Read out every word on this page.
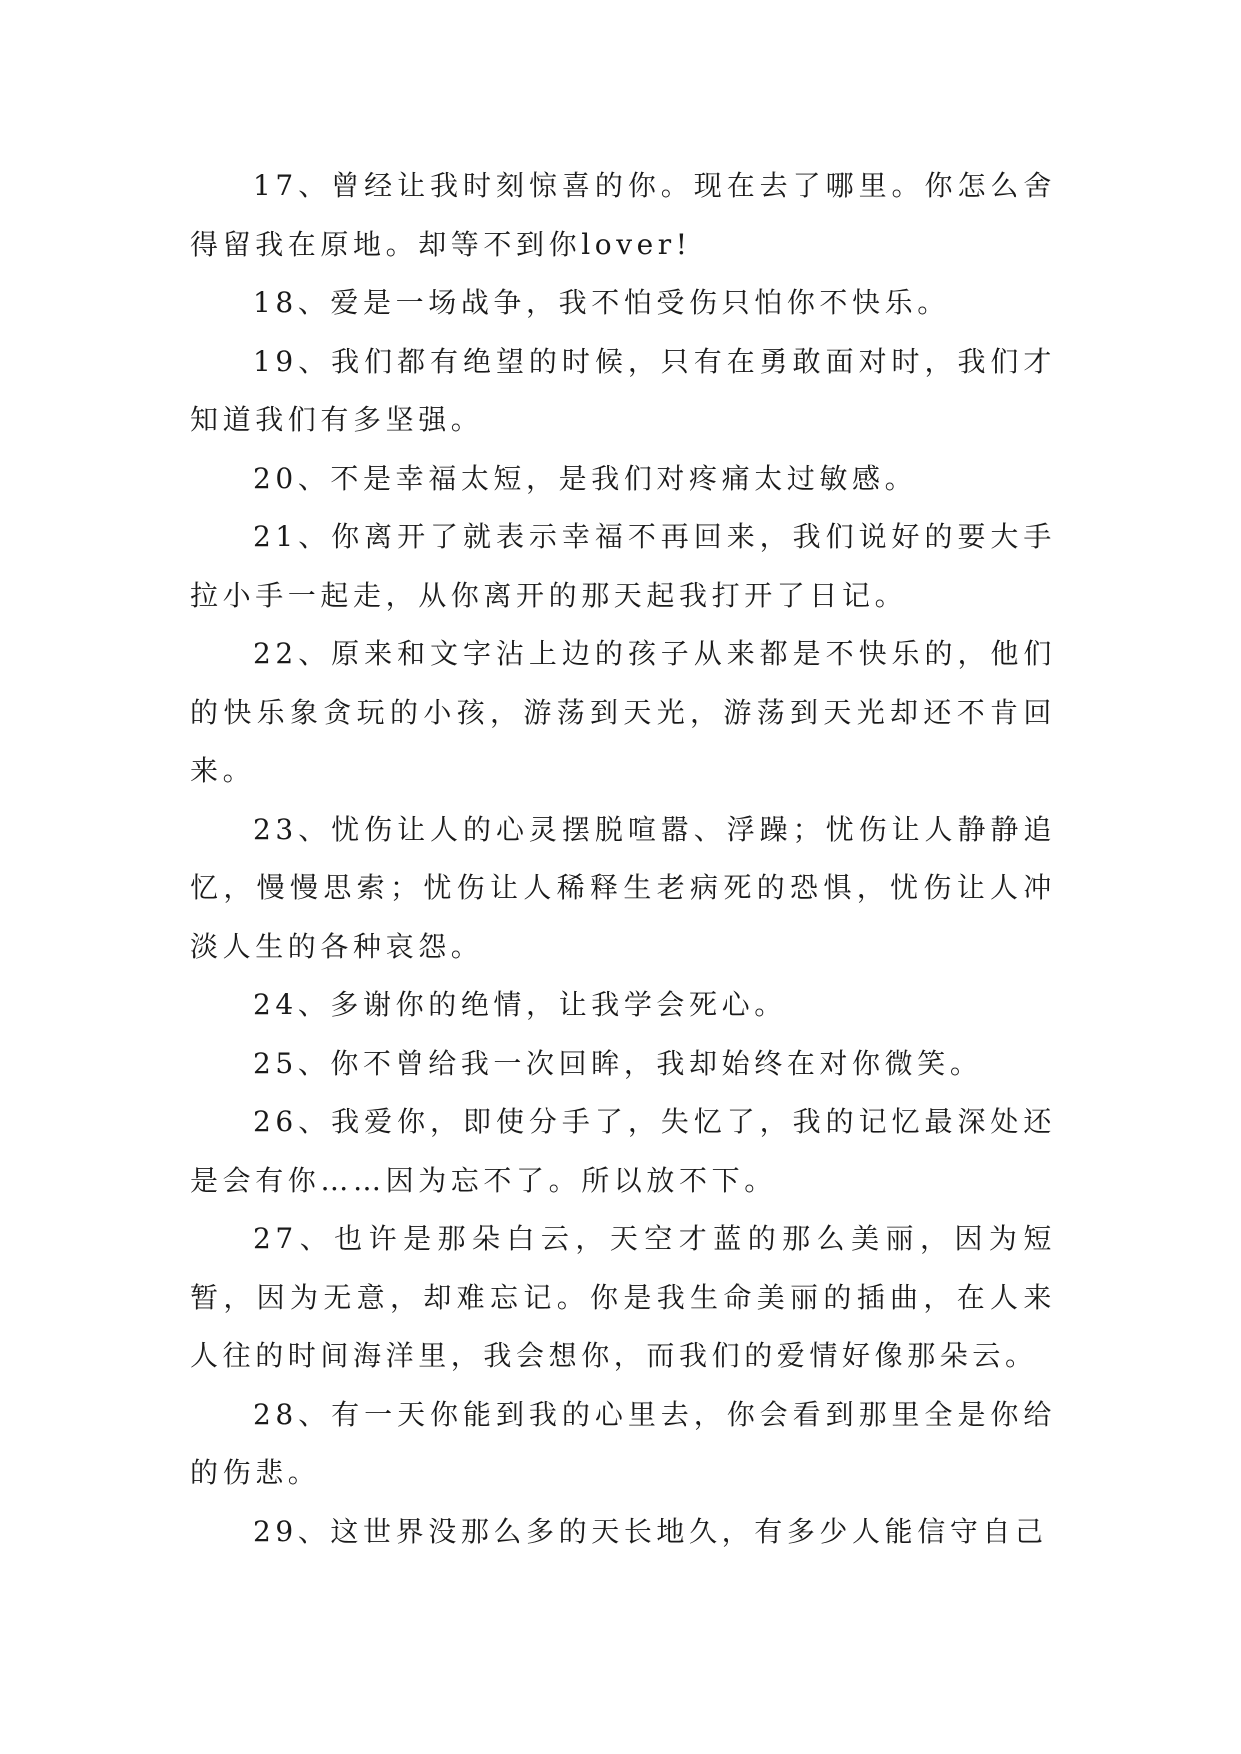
17、曾经让我时刻惊喜的你。现在去了哪里。你怎么舍得留我在原地。却等不到你lover!

18、爱是一场战争，我不怕受伤只怕你不快乐。

19、我们都有绝望的时候，只有在勇敢面对时，我们才知道我们有多坚强。

20、不是幸福太短，是我们对疼痛太过敏感。

21、你离开了就表示幸福不再回来，我们说好的要大手拉小手一起走，从你离开的那天起我打开了日记。

22、原来和文字沾上边的孩子从来都是不快乐的，他们的快乐象贪玩的小孩，游荡到天光，游荡到天光却还不肯回来。

23、忧伤让人的心灵摆脱喧嚣、浮躁；忧伤让人静静追忆，慢慢思索；忧伤让人稀释生老病死的恐惧，忧伤让人冲淡人生的各种哀怨。

24、多谢你的绝情，让我学会死心。

25、你不曾给我一次回眸，我却始终在对你微笑。

26、我爱你，即使分手了，失忆了，我的记忆最深处还是会有你……因为忘不了。所以放不下。

27、也许是那朵白云，天空才蓝的那么美丽，因为短暂，因为无意，却难忘记。你是我生命美丽的插曲，在人来人往的时间海洋里，我会想你，而我们的爱情好像那朵云。

28、有一天你能到我的心里去，你会看到那里全是你给的伤悲。

29、这世界没那么多的天长地久，有多少人能信守自己
